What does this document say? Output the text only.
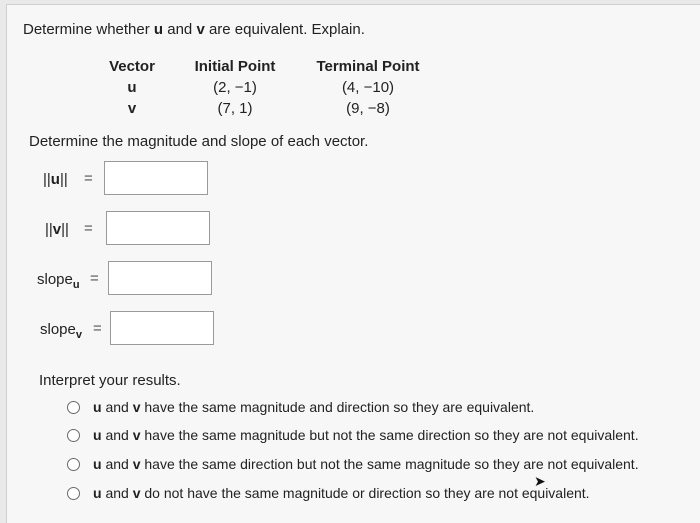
Determine whether u and v are equivalent. Explain.
Vector	Initial Point	Terminal Point
u	(2, −1)	(4, −10)
v	(7, 1)	(9, −8)
Determine the magnitude and slope of each vector.
||u|| =
||v|| =
slope$_u$ =
slope$_v$ =
Interpret your results.
u and v have the same magnitude and direction so they are equivalent.
u and v have the same magnitude but not the same direction so they are not equivalent.
u and v have the same direction but not the same magnitude so they are not equivalent.
u and v do not have the same magnitude or direction so they are not equivalent.
➤
